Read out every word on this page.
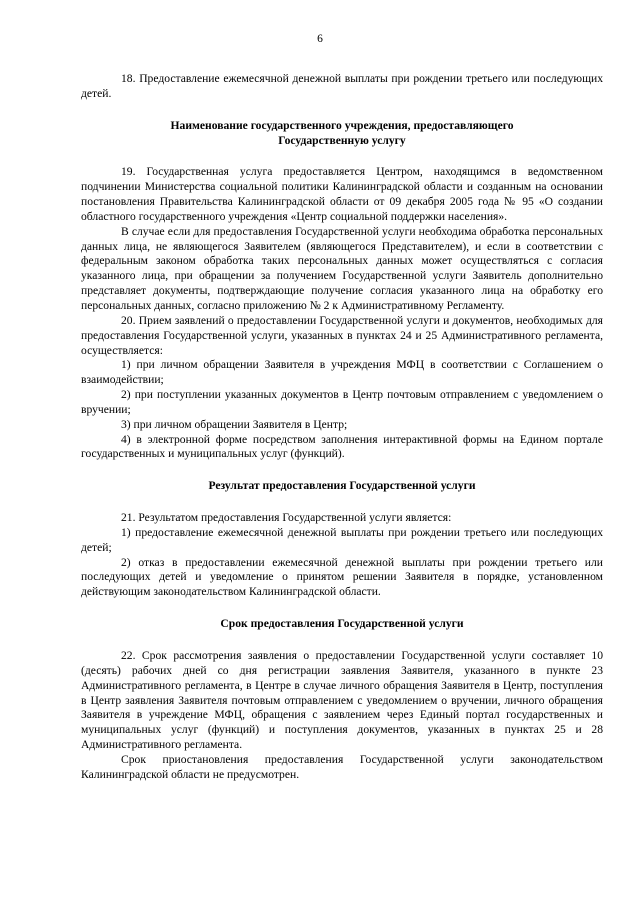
6

18. Предоставление ежемесячной денежной выплаты при рождении третьего или последующих детей.

Наименование государственного учреждения, предоставляющего Государственную услугу

19. Государственная услуга предоставляется Центром, находящимся в ведомственном подчинении Министерства социальной политики Калининградской области и созданным на основании постановления Правительства Калининградской области от 09 декабря 2005 года № 95 «О создании областного государственного учреждения «Центр социальной поддержки населения».

В случае если для предоставления Государственной услуги необходима обработка персональных данных лица, не являющегося Заявителем (являющегося Представителем), и если в соответствии с федеральным законом обработка таких персональных данных может осуществляться с согласия указанного лица, при обращении за получением Государственной услуги Заявитель дополнительно представляет документы, подтверждающие получение согласия указанного лица на обработку его персональных данных, согласно приложению № 2 к Административному Регламенту.

20. Прием заявлений о предоставлении Государственной услуги и документов, необходимых для предоставления Государственной услуги, указанных в пунктах 24 и 25 Административного регламента, осуществляется:

1) при личном обращении Заявителя в учреждения МФЦ в соответствии с Соглашением о взаимодействии;

2) при поступлении указанных документов в Центр почтовым отправлением с уведомлением о вручении;

3) при личном обращении Заявителя в Центр;

4) в электронной форме посредством заполнения интерактивной формы на Едином портале государственных и муниципальных услуг (функций).

Результат предоставления Государственной услуги

21. Результатом предоставления Государственной услуги является:

1) предоставление ежемесячной денежной выплаты при рождении третьего или последующих детей;

2) отказ в предоставлении ежемесячной денежной выплаты при рождении третьего или последующих детей и уведомление о принятом решении Заявителя в порядке, установленном действующим законодательством Калининградской области.

Срок предоставления Государственной услуги

22. Срок рассмотрения заявления о предоставлении Государственной услуги составляет 10 (десять) рабочих дней со дня регистрации заявления Заявителя, указанного в пункте 23 Административного регламента, в Центре в случае личного обращения Заявителя в Центр, поступления в Центр заявления Заявителя почтовым отправлением с уведомлением о вручении, личного обращения Заявителя в учреждение МФЦ, обращения с заявлением через Единый портал государственных и муниципальных услуг (функций) и поступления документов, указанных в пунктах 25 и 28 Административного регламента.

Срок приостановления предоставления Государственной услуги законодательством Калининградской области не предусмотрен.
